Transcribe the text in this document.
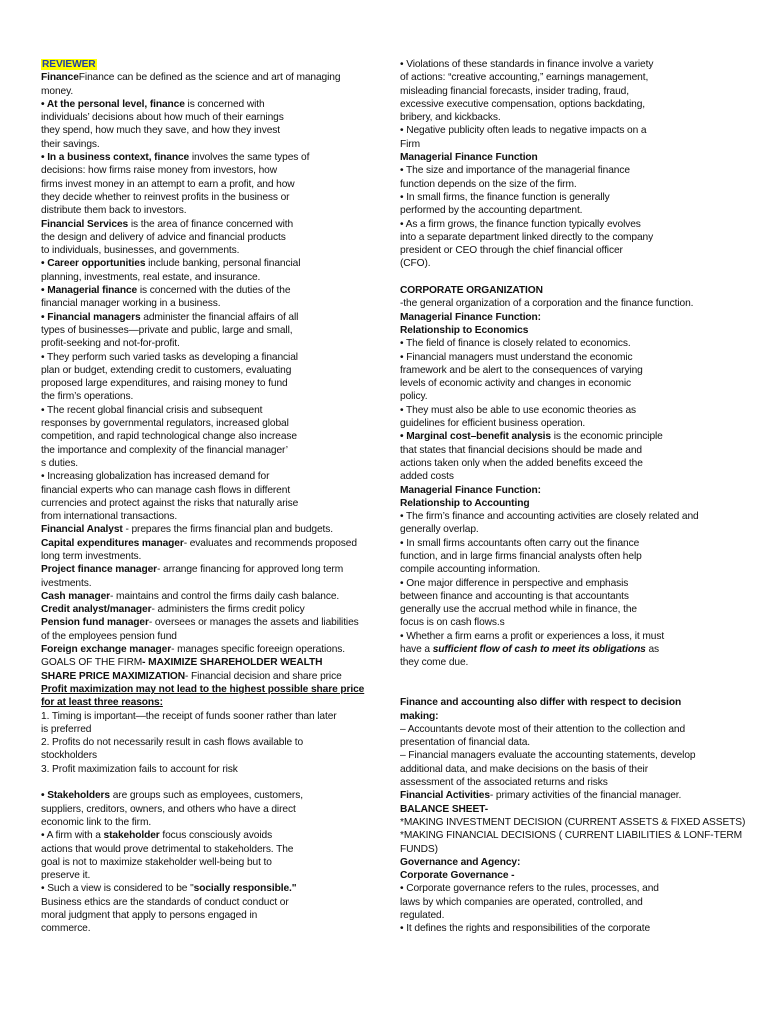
REVIEWER
FinanceFinance can be defined as the science and art of managing
money.
• At the personal level, finance is concerned with
individuals’ decisions about how much of their earnings
they spend, how much they save, and how they invest
their savings.
• In a business context, finance involves the same types of
decisions: how firms raise money from investors, how
firms invest money in an attempt to earn a profit, and how
they decide whether to reinvest profits in the business or
distribute them back to investors.
Financial Services is the area of finance concerned with
the design and delivery of advice and financial products
to individuals, businesses, and governments.
• Career opportunities include banking, personal financial
planning, investments, real estate, and insurance.
• Managerial finance is concerned with the duties of the
financial manager working in a business.
• Financial managers administer the financial affairs of all
types of businesses—private and public, large and small,
profit-seeking and not-for-profit.
• They perform such varied tasks as developing a financial
plan or budget, extending credit to customers, evaluating
proposed large expenditures, and raising money to fund
the firm’s operations.
• The recent global financial crisis and subsequent
responses by governmental regulators, increased global
competition, and rapid technological change also increase
the importance and complexity of the financial manager’
s duties.
• Increasing globalization has increased demand for
financial experts who can manage cash flows in different
currencies and protect against the risks that naturally arise
from international transactions.
Financial Analyst - prepares the firms financial plan and budgets.
Capital expenditures manager- evaluates and recommends proposed
long term investments.
Project finance manager- arrange financing for approved long term
ivestments.
Cash manager- maintains and control the firms daily cash balance.
Credit analyst/manager- administers the firms credit policy
Pension fund manager- oversees or manages the assets and liabilities
of the employees pension fund
Foreign exchange manager- manages specific foreeign operations.
GOALS OF THE FIRM- MAXIMIZE SHAREHOLDER WEALTH
SHARE PRICE MAXIMIZATION- Financial decision and share price
Profit maximization may not lead to the highest possible share price
for at least three reasons:
1. Timing is important—the receipt of funds sooner rather than later
is preferred
2. Profits do not necessarily result in cash flows available to
stockholders
3. Profit maximization fails to account for risk
• Stakeholders are groups such as employees, customers,
suppliers, creditors, owners, and others who have a direct
economic link to the firm.
• A firm with a stakeholder focus consciously avoids
actions that would prove detrimental to stakeholders. The
goal is not to maximize stakeholder well-being but to
preserve it.
• Such a view is considered to be "socially responsible."
Business ethics are the standards of conduct conduct or
moral judgment that apply to persons engaged in
commerce.
• Violations of these standards in finance involve a variety
of actions: “creative accounting,” earnings management,
misleading financial forecasts, insider trading, fraud,
excessive executive compensation, options backdating,
bribery, and kickbacks.
• Negative publicity often leads to negative impacts on a
Firm
Managerial Finance Function
• The size and importance of the managerial finance
function depends on the size of the firm.
• In small firms, the finance function is generally
performed by the accounting department.
• As a firm grows, the finance function typically evolves
into a separate department linked directly to the company
president or CEO through the chief financial officer
(CFO).
CORPORATE ORGANIZATION
-the general organization of a corporation and the finance function.
Managerial Finance Function:
Relationship to Economics
• The field of finance is closely related to economics.
• Financial managers must understand the economic
framework and be alert to the consequences of varying
levels of economic activity and changes in economic
policy.
• They must also be able to use economic theories as
guidelines for efficient business operation.
• Marginal cost–benefit analysis is the economic principle
that states that financial decisions should be made and
actions taken only when the added benefits exceed the
added costs
Managerial Finance Function:
Relationship to Accounting
• The firm’s finance and accounting activities are closely related and
generally overlap.
• In small firms accountants often carry out the finance
function, and in large firms financial analysts often help
compile accounting information.
• One major difference in perspective and emphasis
between finance and accounting is that accountants
generally use the accrual method while in finance, the
focus is on cash flows.s
• Whether a firm earns a profit or experiences a loss, it must
have a sufficient flow of cash to meet its obligations as
they come due.
Finance and accounting also differ with respect to decision
making:
– Accountants devote most of their attention to the collection and
presentation of financial data.
– Financial managers evaluate the accounting statements, develop
additional data, and make decisions on the basis of their
assessment of the associated returns and risks
Financial Activities- primary activities of the financial manager.
BALANCE SHEET-
*MAKING INVESTMENT DECISION (CURRENT ASSETS & FIXED ASSETS)
*MAKING FINANCIAL DECISIONS ( CURRENT LIABILITIES & LONF-TERM
FUNDS)
Governance and Agency:
Corporate Governance -
• Corporate governance refers to the rules, processes, and
laws by which companies are operated, controlled, and
regulated.
• It defines the rights and responsibilities of the corporate
